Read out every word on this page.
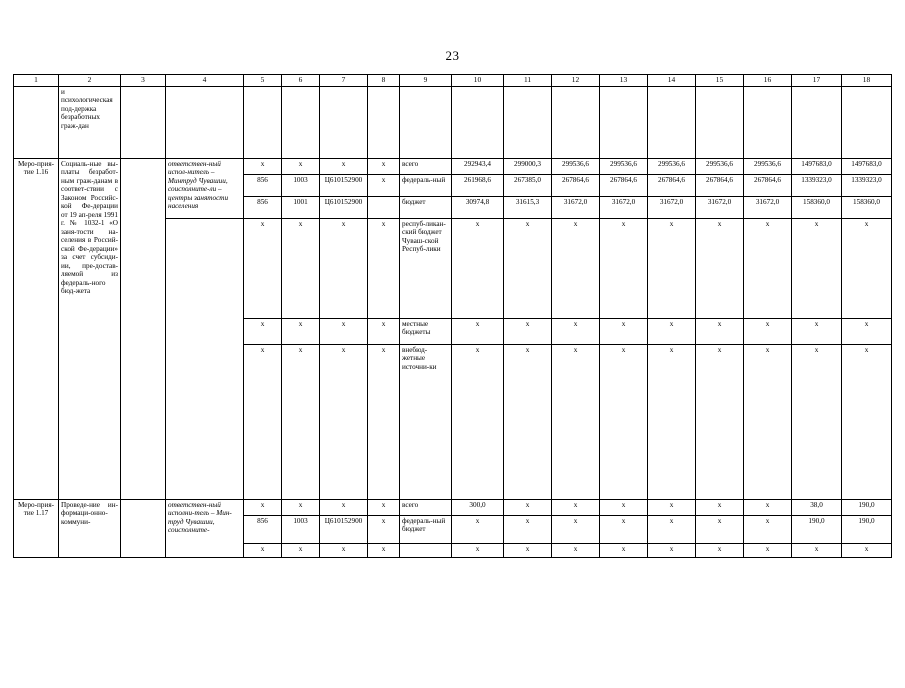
23
1	2	3	4	5	6	7	8	9	10	11	12	13	14	15	16	17	18
	и психологическая под-держка безработных граж-дан																
Меро-прия-тие 1.16	Социаль-ные вы-платы безработ-ным граж-данам в соответ-ствии с Законом Российс-кой Фе-дерации от 19 ап-реля 1991 г. № 1032-1 «О заня-тости на-селения в Россий-ской Фе-дерации» за счет субсиди-ии, пре-достав-ляемой из федераль-ного бюд-жета		ответствен-ный испол-нитель – Минтруд Чувашии, соисполните-ли – центры занятости населения	х	х	х	х	всего	292943,4	299000,3	299536,6	299536,6	299536,6	299536,6	299536,6	1497683,0	1497683,0
				856	1003	Ц610152900	х	федераль-ный	261968,6	267385,0	267864,6	267864,6	267864,6	267864,6	267864,6	1339323,0	1339323,0
				856	1001	Ц610152900		бюджет	30974,8	31615,3	31672,0	31672,0	31672,0	31672,0	31672,0	158360,0	158360,0
				х	х	х	х	респуб-ликан-ский бюджет Чуваш-ской Респуб-лики	х	х	х	х	х	х	х	х	х
				х	х	х	х	местные бюджеты	х	х	х	х	х	х	х	х	х
				х	х	х	х	внебюд-жетные источни-ки	х	х	х	х	х	х	х	х	х
Меро-прия-тие 1.17	Проведе-ние ин-формаци-онно-коммуни-		ответствен-ный исполни-тель – Мин-труд Чувашии, соисполните-	х	х	х	х	всего	300,0	х	х	х	х	х	х	38,0	190,0
				856	1003	Ц610152900	х	федераль-ный бюджет	х	х	х	х	х	х	х	190,0	190,0
				х	х	х	х		х	х	х	х	х	х	х	х	х
